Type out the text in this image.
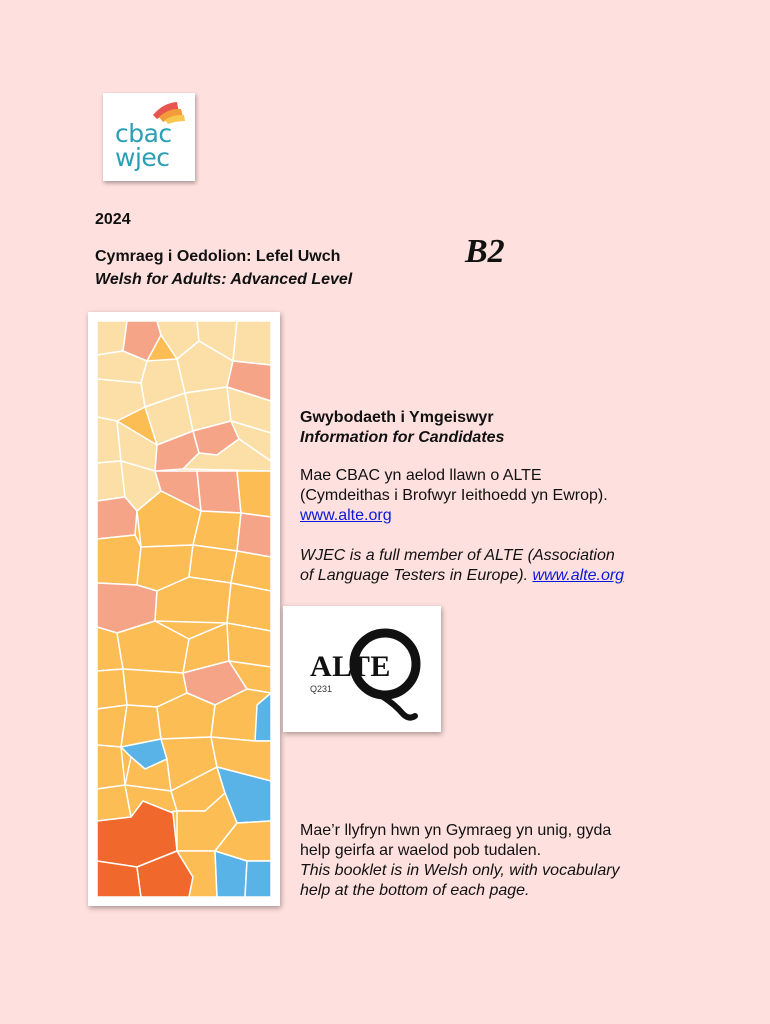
cbac
wjec
2024
Cymraeg i Oedolion: Lefel Uwch
Welsh for Adults: Advanced Level
B2
Gwybodaeth i Ymgeiswyr
Information for Candidates
Mae CBAC yn aelod llawn o ALTE
(Cymdeithas i Brofwyr Ieithoedd yn Ewrop).
www.alte.org
WJEC is a full member of ALTE (Association
of Language Testers in Europe). www.alte.org
ALTE
Q231
Mae’r llyfryn hwn yn Gymraeg yn unig, gyda
help geirfa ar waelod pob tudalen.
This booklet is in Welsh only, with vocabulary
help at the bottom of each page.
